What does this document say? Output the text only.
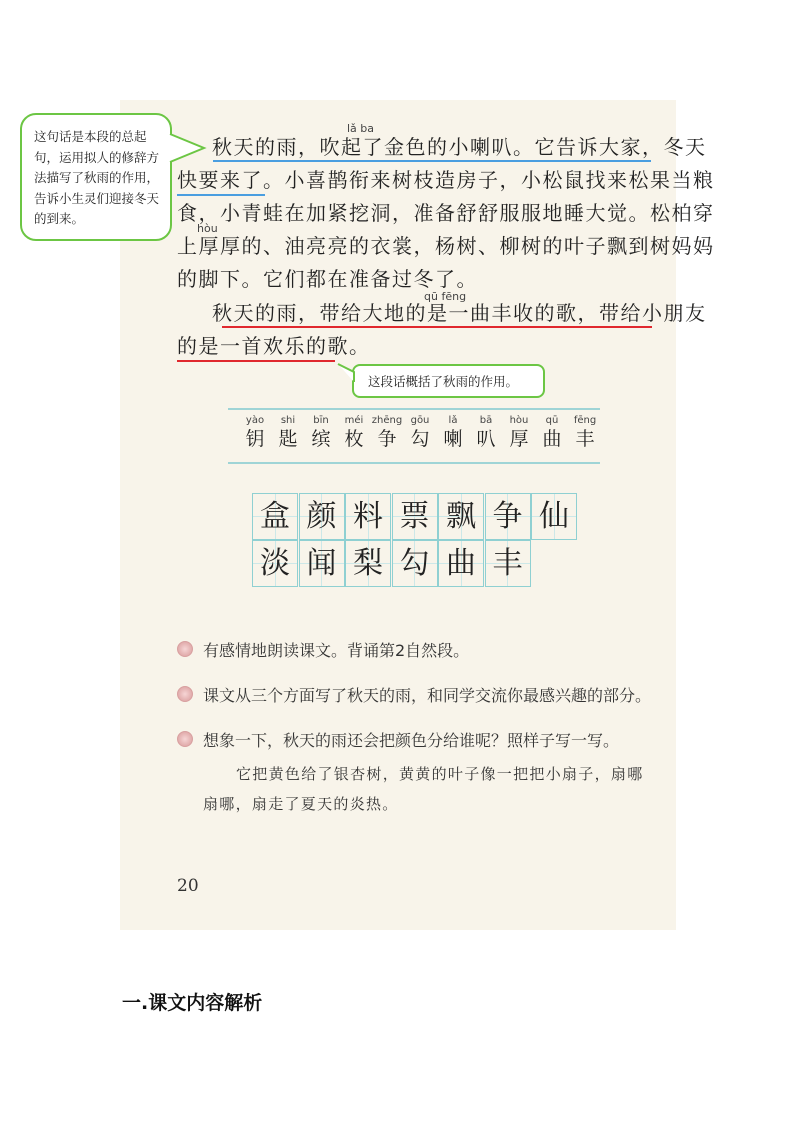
lǎ ba
hòu
qū fēng
秋天的雨，吹起了金色的小喇叭。它告诉大家，冬天
快要来了。小喜鹊衔来树枝造房子，小松鼠找来松果当粮
食，小青蛙在加紧挖洞，准备舒舒服服地睡大觉。松柏穿
上厚厚的、油亮亮的衣裳，杨树、柳树的叶子飘到树妈妈
的脚下。它们都在准备过冬了。
秋天的雨，带给大地的是一曲丰收的歌，带给小朋友
的是一首欢乐的歌。
这句话是本段的总起句，运用拟人的修辞方法描写了秋雨的作用，告诉小生灵们迎接冬天的到来。
这段话概括了秋雨的作用。
yào
钥
shi
匙
bīn
缤
méi
枚
zhēng
争
gōu
勾
lǎ
喇
bā
叭
hòu
厚
qū
曲
fēng
丰
盒 颜 料 票 飘 争 仙
淡 闻 梨 勾 曲 丰
有感情地朗读课文。背诵第2自然段。
课文从三个方面写了秋天的雨，和同学交流你最感兴趣的部分。
想象一下，秋天的雨还会把颜色分给谁呢？照样子写一写。
它把黄色给了银杏树，黄黄的叶子像一把把小扇子，扇哪
扇哪，扇走了夏天的炎热。
20
一.课文内容解析
